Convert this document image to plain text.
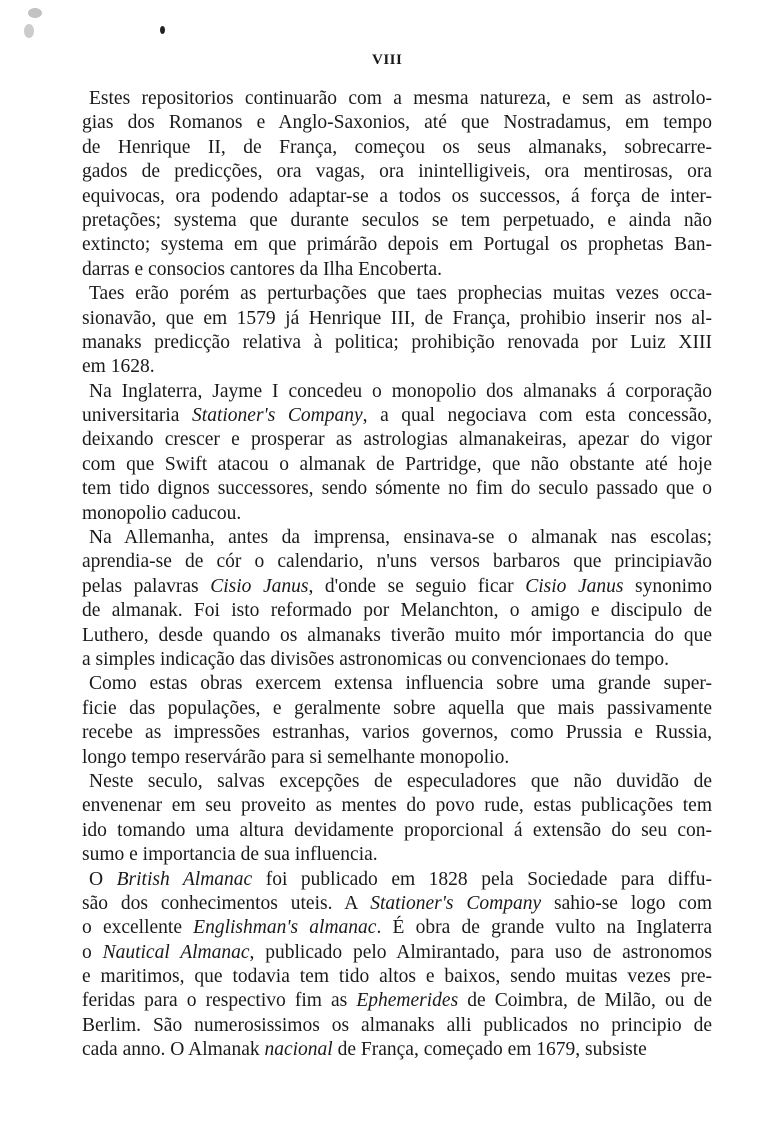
VIII
Estes repositorios continuarão com a mesma natureza, e sem as astrolo-
gias dos Romanos e Anglo-Saxonios, até que Nostradamus, em tempo
de Henrique II, de França, começou os seus almanaks, sobrecarre-
gados de predicções, ora vagas, ora inintelligiveis, ora mentirosas, ora
equivocas, ora podendo adaptar-se a todos os successos, á força de inter-
pretações; systema que durante seculos se tem perpetuado, e ainda não
extincto; systema em que primárão depois em Portugal os prophetas Ban-
darras e consocios cantores da Ilha Encoberta.
Taes erão porém as perturbações que taes prophecias muitas vezes occa-
sionavão, que em 1579 já Henrique III, de França, prohibio inserir nos al-
manaks predicção relativa à politica; prohibição renovada por Luiz XIII
em 1628.
Na Inglaterra, Jayme I concedeu o monopolio dos almanaks á corporação
universitaria Stationer's Company, a qual negociava com esta concessão,
deixando crescer e prosperar as astrologias almanakeiras, apezar do vigor
com que Swift atacou o almanak de Partridge, que não obstante até hoje
tem tido dignos successores, sendo sómente no fim do seculo passado que o
monopolio caducou.
Na Allemanha, antes da imprensa, ensinava-se o almanak nas escolas;
aprendia-se de cór o calendario, n'uns versos barbaros que principiavão
pelas palavras Cisio Janus, d'onde se seguio ficar Cisio Janus synonimo
de almanak. Foi isto reformado por Melanchton, o amigo e discipulo de
Luthero, desde quando os almanaks tiverão muito mór importancia do que
a simples indicação das divisões astronomicas ou convencionaes do tempo.
Como estas obras exercem extensa influencia sobre uma grande super-
ficie das populações, e geralmente sobre aquella que mais passivamente
recebe as impressões estranhas, varios governos, como Prussia e Russia,
longo tempo reservárão para si semelhante monopolio.
Neste seculo, salvas excepções de especuladores que não duvidão de
envenenar em seu proveito as mentes do povo rude, estas publicações tem
ido tomando uma altura devidamente proporcional á extensão do seu con-
sumo e importancia de sua influencia.
O British Almanac foi publicado em 1828 pela Sociedade para diffu-
são dos conhecimentos uteis. A Stationer's Company sahio-se logo com
o excellente Englishman's almanac. É obra de grande vulto na Inglaterra
o Nautical Almanac, publicado pelo Almirantado, para uso de astronomos
e maritimos, que todavia tem tido altos e baixos, sendo muitas vezes pre-
feridas para o respectivo fim as Ephemerides de Coimbra, de Milão, ou de
Berlim. São numerosissimos os almanaks alli publicados no principio de
cada anno. O Almanak nacional de França, começado em 1679, subsiste
